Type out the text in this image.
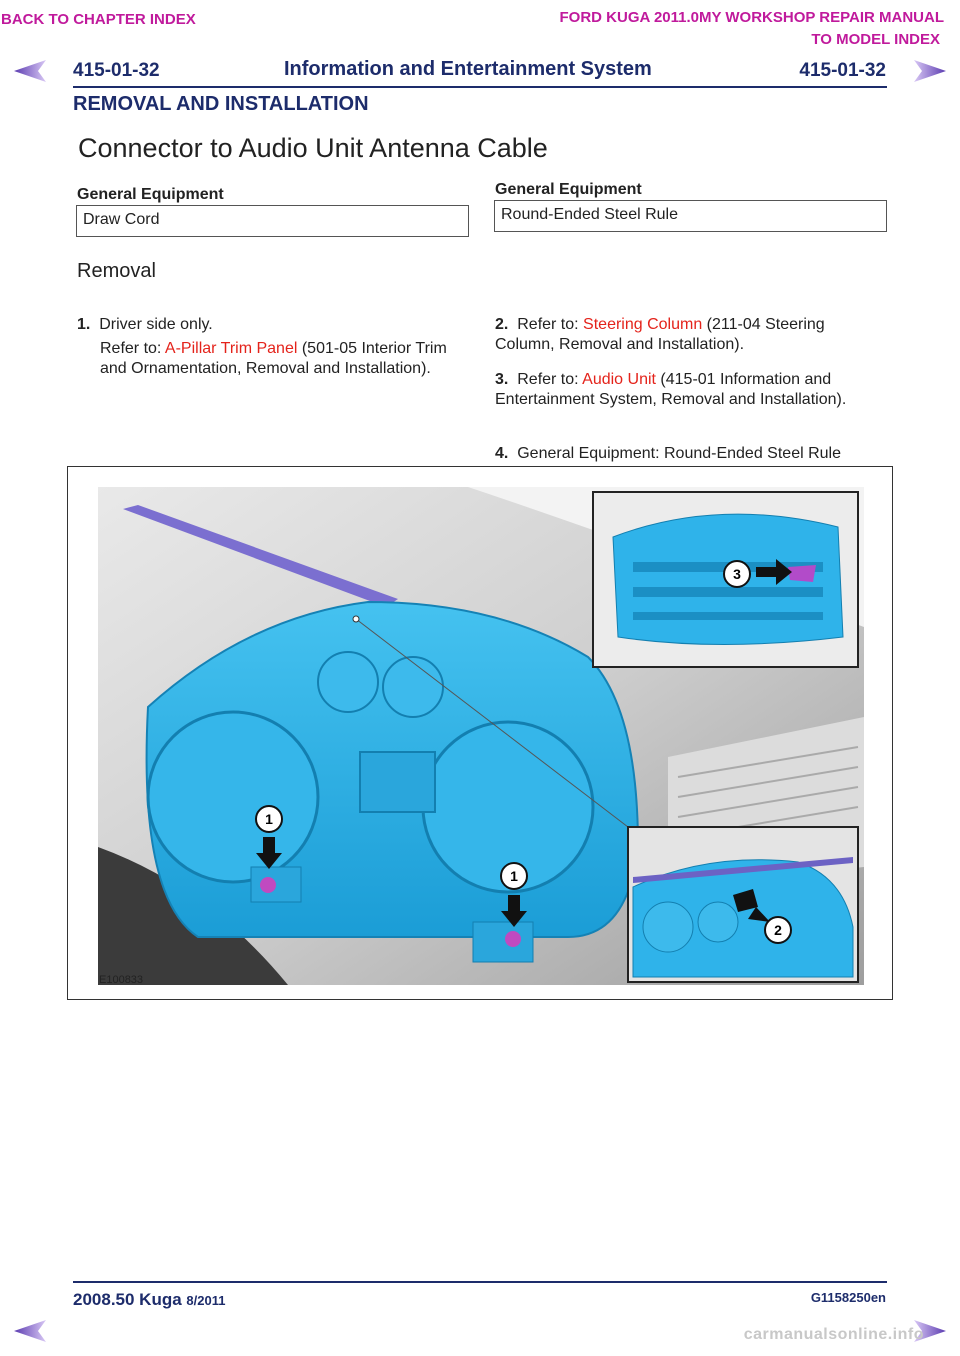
BACK TO CHAPTER INDEX	FORD KUGA 2011.0MY WORKSHOP REPAIR MANUAL
TO MODEL INDEX
415-01-32	Information and Entertainment System	415-01-32
REMOVAL AND INSTALLATION
Connector to Audio Unit Antenna Cable
General Equipment
Draw Cord
General Equipment
Round-Ended Steel Rule
Removal
1. Driver side only.
Refer to: A-Pillar Trim Panel (501-05 Interior Trim and Ornamentation, Removal and Installation).
2. Refer to: Steering Column (211-04 Steering Column, Removal and Installation).
3. Refer to: Audio Unit (415-01 Information and Entertainment System, Removal and Installation).
4. General Equipment: Round-Ended Steel Rule
1
1
3
2
E100833
2008.50 Kuga 8/2011	G1158250en
carmanualsonline.info
